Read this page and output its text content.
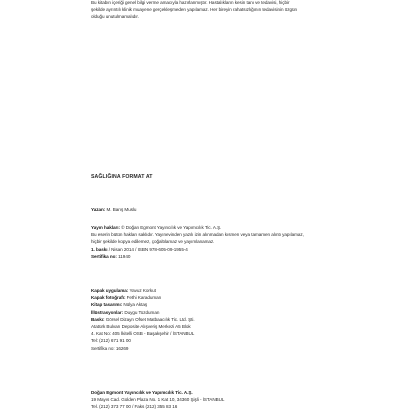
Bu kitabın içeriği genel bilgi verme amacıyla hazırlanmıştır. Hastalıkların kesin tanı ve tedavisi, hiçbir
şekilde ayrıntılı klinik muayene gerçekleşmeden yapılamaz. Her bireyin rahatsızlığının tedavisinin özgün
olduğu unutulmamalıdır.
SAĞLIĞINA FORMAT AT
Yazan: M. Barış Muslu
Yayın hakları: © Doğan Egmont Yayıncılık ve Yapımcılık Tic. A.Ş.
Bu eserin bütün hakları saklıdır. Yayınevinden yazılı izin alınmadan kısmen veya tamamen alıntı yapılamaz,
hiçbir şekilde kopya edilemez, çoğaltılamaz ve yayımlanamaz.
1. baskı / Nisan 2014 / ISBN 978-605-09-1955-4
Sertifika no: 11940
Kapak uygulama: Yavuz Korkut
Kapak fotoğrafı: Fethi Karaduman
Kitap tasarımı: Nülya Aktaş
İllüstrasyonlar: Duygu Tozduman
Baskı: Görsel Dizayn Ofset Matbaacılık Tic. Ltd. Şti.
Atatürk Bulvarı Deposite Alışveriş Merkezi A5 Blok
4. Kat No: 405 İkitelli OSB - Başakşehir / İSTANBUL
Tel: (212) 671 91 00
Sertifika no: 16269
Doğan Egmont Yayıncılık ve Yapımcılık Tic. A.Ş.
19 Mayıs Cad. Golden Plaza No. 1 Kat 10, 34360 Şişli - İSTANBUL
Tel. (212) 373 77 00 / Faks (212) 355 83 16
